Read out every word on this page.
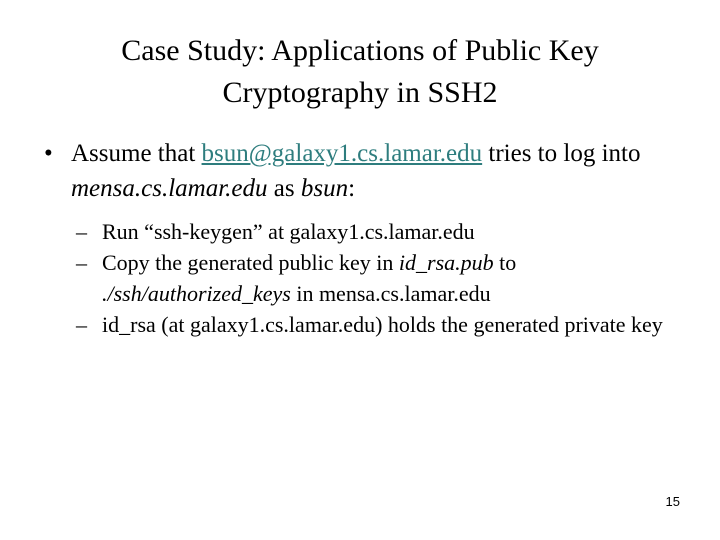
Case Study: Applications of Public Key
Cryptography in SSH2
• Assume that bsun@galaxy1.cs.lamar.edu tries to log into mensa.cs.lamar.edu as bsun:
– Run “ssh-keygen” at galaxy1.cs.lamar.edu
– Copy the generated public key in id_rsa.pub to ./ssh/authorized_keys in mensa.cs.lamar.edu
– id_rsa (at galaxy1.cs.lamar.edu) holds the generated private key
15
